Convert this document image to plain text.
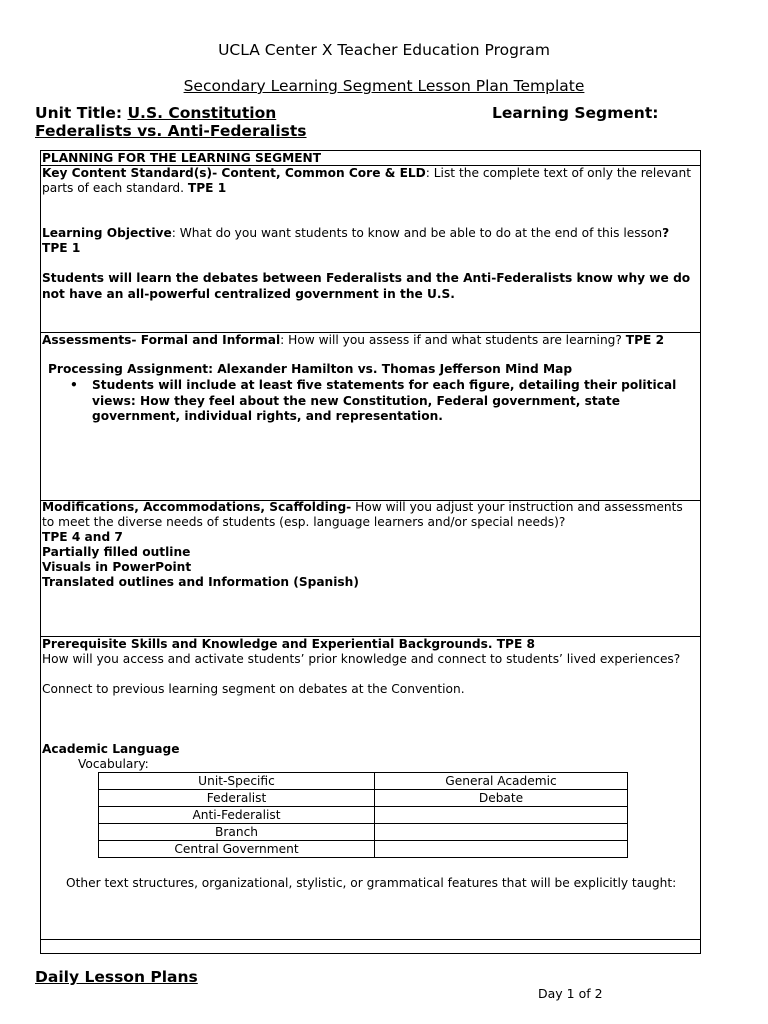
UCLA Center X Teacher Education Program
Secondary Learning Segment Lesson Plan Template
Unit Title: U.S. Constitution	Learning Segment:
Federalists vs. Anti-Federalists
PLANNING FOR THE LEARNING SEGMENT
Key Content Standard(s)- Content, Common Core & ELD: List the complete text of only the relevant parts of each standard. TPE 1
Learning Objective: What do you want students to know and be able to do at the end of this lesson?
TPE 1
Students will learn the debates between Federalists and the Anti-Federalists know why we do not have an all-powerful centralized government in the U.S.
Assessments- Formal and Informal: How will you assess if and what students are learning? TPE 2
Processing Assignment: Alexander Hamilton vs. Thomas Jefferson Mind Map
• Students will include at least five statements for each figure, detailing their political views: How they feel about the new Constitution, Federal government, state government, individual rights, and representation.
Modifications, Accommodations, Scaffolding- How will you adjust your instruction and assessments to meet the diverse needs of students (esp. language learners and/or special needs)?
TPE 4 and 7
Partially filled outline
Visuals in PowerPoint
Translated outlines and Information (Spanish)
Prerequisite Skills and Knowledge and Experiential Backgrounds. TPE 8
How will you access and activate students’ prior knowledge and connect to students’ lived experiences?
Connect to previous learning segment on debates at the Convention.
Academic Language
Vocabulary:
Unit-Specific	General Academic
Federalist	Debate
Anti-Federalist	
Branch	
Central Government	
Other text structures, organizational, stylistic, or grammatical features that will be explicitly taught:
Daily Lesson Plans
Day 1 of 2
